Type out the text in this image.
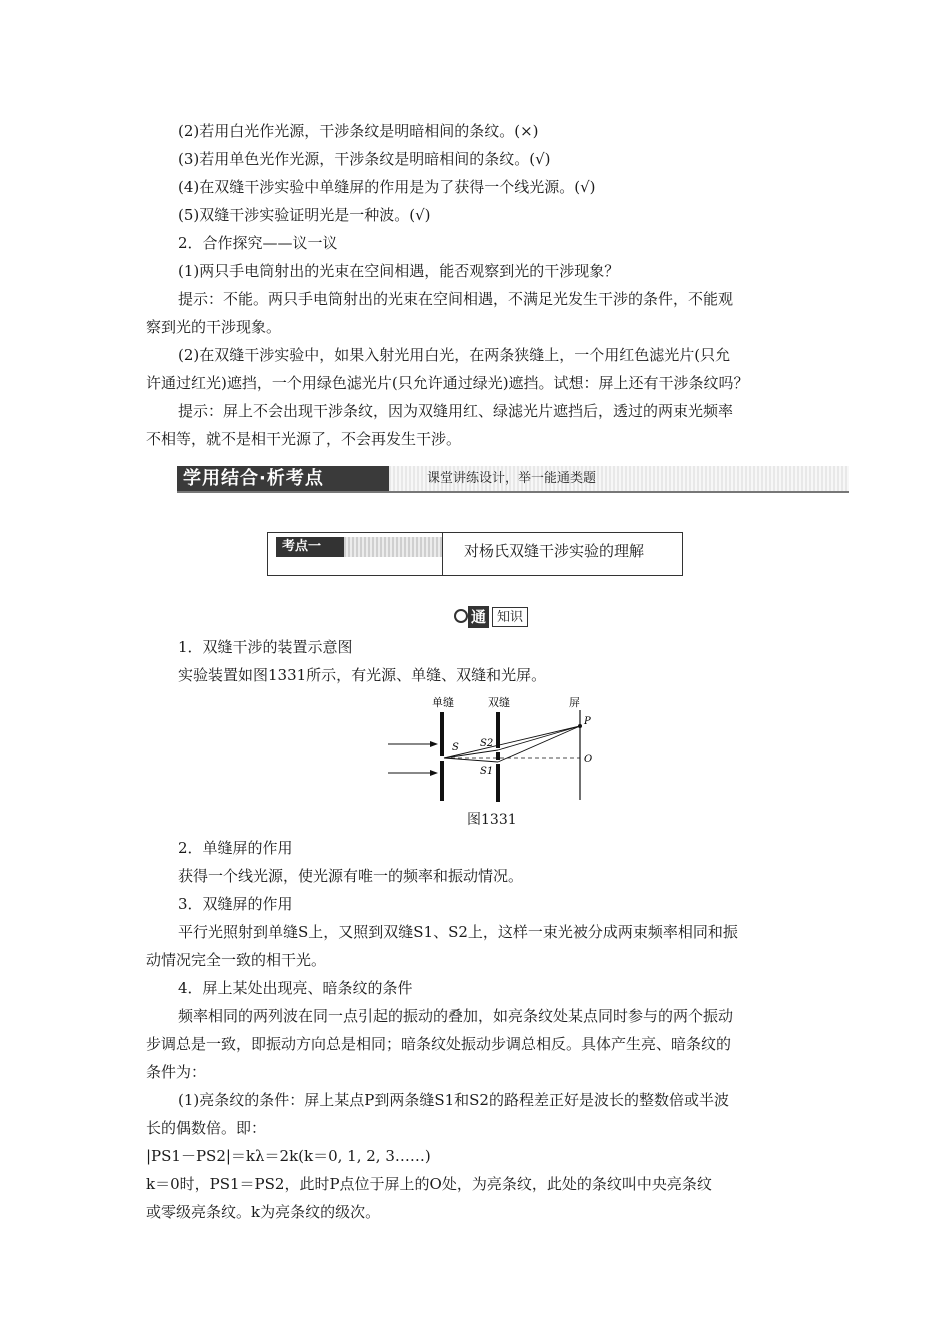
(2)若用白光作光源，干涉条纹是明暗相间的条纹。(×)
(3)若用单色光作光源，干涉条纹是明暗相间的条纹。(√)
(4)在双缝干涉实验中单缝屏的作用是为了获得一个线光源。(√)
(5)双缝干涉实验证明光是一种波。(√)
2．合作探究——议一议
(1)两只手电筒射出的光束在空间相遇，能否观察到光的干涉现象？
提示：不能。两只手电筒射出的光束在空间相遇，不满足光发生干涉的条件，不能观
察到光的干涉现象。
(2)在双缝干涉实验中，如果入射光用白光，在两条狭缝上，一个用红色滤光片(只允
许通过红光)遮挡，一个用绿色滤光片(只允许通过绿光)遮挡。试想：屏上还有干涉条纹吗？
提示：屏上不会出现干涉条纹，因为双缝用红、绿滤光片遮挡后，透过的两束光频率
不相等，就不是相干光源了，不会再发生干涉。
学用结合·析考点	课堂讲练设计，举一能通类题
考点一	对杨氏双缝干涉实验的理解
通 知识
1．双缝干涉的装置示意图
实验装置如图1331所示，有光源、单缝、双缝和光屏。
单缝	双缝	屏
S S2
S1
P
O
图1331
2．单缝屏的作用
获得一个线光源，使光源有唯一的频率和振动情况。
3．双缝屏的作用
平行光照射到单缝S上，又照到双缝S1、S2上，这样一束光被分成两束频率相同和振
动情况完全一致的相干光。
4．屏上某处出现亮、暗条纹的条件
频率相同的两列波在同一点引起的振动的叠加，如亮条纹处某点同时参与的两个振动
步调总是一致，即振动方向总是相同；暗条纹处振动步调总相反。具体产生亮、暗条纹的
条件为：
(1)亮条纹的条件：屏上某点P到两条缝S1和S2的路程差正好是波长的整数倍或半波
长的偶数倍。即：
|PS1－PS2|＝kλ＝2k(k＝0, 1, 2, 3……)
k＝0时，PS1＝PS2，此时P点位于屏上的O处，为亮条纹，此处的条纹叫中央亮条纹
或零级亮条纹。k为亮条纹的级次。
